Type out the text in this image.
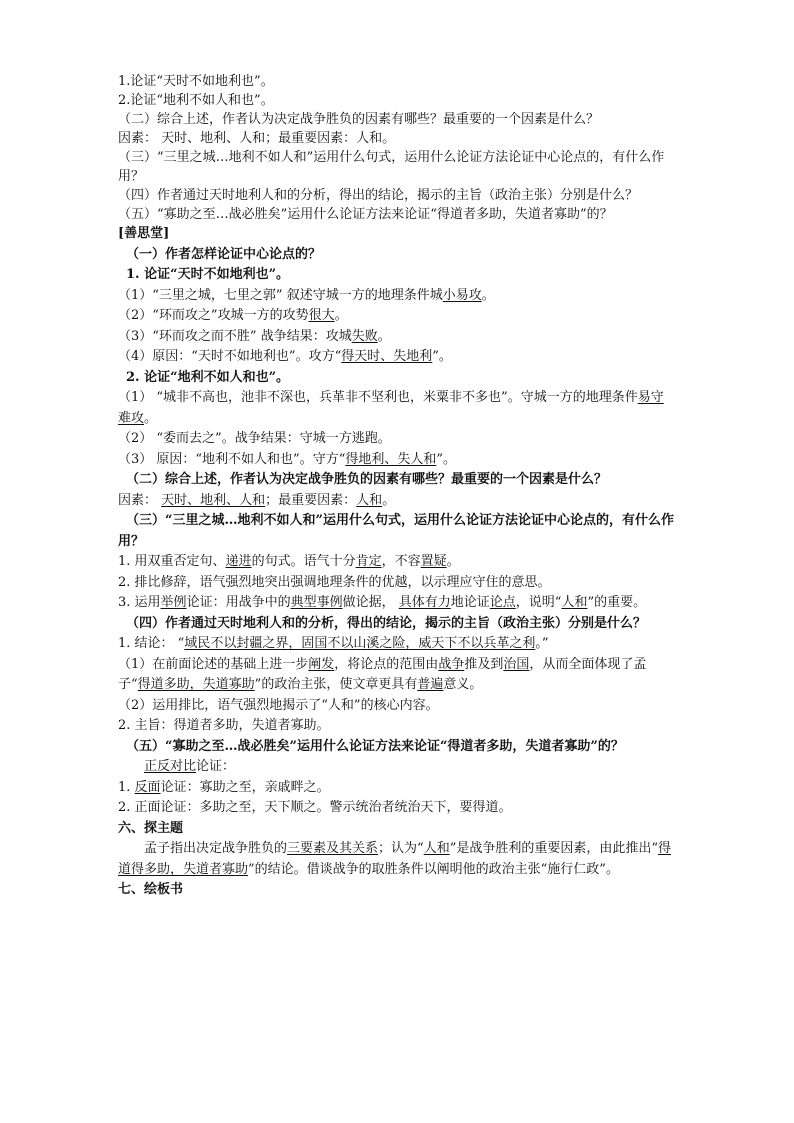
1.论证“天时不如地利也”。
2.论证“地利不如人和也”。
（二）综合上述，作者认为决定战争胜负的因素有哪些？最重要的一个因素是什么？
因素： 天时、地利、人和；最重要因素：人和。
（三）“三里之城…地利不如人和”运用什么句式，运用什么论证方法论证中心论点的，有什么作用？
（四）作者通过天时地利人和的分析，得出的结论，揭示的主旨（政治主张）分别是什么？
（五）“寡助之至…战必胜矣”运用什么论证方法来论证“得道者多助，失道者寡助”的？
[善思堂]
（一）作者怎样论证中心论点的？
1. 论证“天时不如地利也”。
（1）“三里之城，七里之郭” 叙述守城一方的地理条件城小易攻。
（2）“环而攻之”攻城一方的攻势很大。
（3）“环而攻之而不胜” 战争结果：攻城失败。
（4）原因：“天时不如地利也”。攻方“得天时、失地利”。
2. 论证“地利不如人和也”。
（1） “城非不高也，池非不深也，兵革非不坚利也，米粟非不多也”。守城一方的地理条件易守难攻。
（2） “委而去之”。战争结果：守城一方逃跑。
（3） 原因：“地利不如人和也”。守方“得地利、失人和”。
（二）综合上述，作者认为决定战争胜负的因素有哪些？最重要的一个因素是什么？
因素： 天时、地利、人和；最重要因素：人和。
（三）“三里之城…地利不如人和”运用什么句式，运用什么论证方法论证中心论点的，有什么作用？
1. 用双重否定句、递进的句式。语气十分肯定，不容置疑。
2. 排比修辞，语气强烈地突出强调地理条件的优越，以示理应守住的意思。
3. 运用举例论证：用战争中的典型事例做论据， 具体有力地论证论点，说明“人和”的重要。
（四）作者通过天时地利人和的分析，得出的结论，揭示的主旨（政治主张）分别是什么？
1. 结论： “域民不以封疆之界，固国不以山溪之险，威天下不以兵革之利。”
（1）在前面论述的基础上进一步阐发，将论点的范围由战争推及到治国，从而全面体现了孟子“得道多助，失道寡助”的政治主张，使文章更具有普遍意义。
（2）运用排比，语气强烈地揭示了“人和”的核心内容。
2. 主旨：得道者多助，失道者寡助。
（五）“寡助之至…战必胜矣”运用什么论证方法来论证“得道者多助，失道者寡助”的？
正反对比论证：
1. 反面论证：寡助之至，亲戚畔之。
2. 正面论证：多助之至，天下顺之。警示统治者统治天下，要得道。
六、探主题
孟子指出决定战争胜负的三要素及其关系；认为“人和”是战争胜利的重要因素，由此推出“得道得多助，失道者寡助”的结论。借谈战争的取胜条件以阐明他的政治主张“施行仁政”。
七、绘板书
